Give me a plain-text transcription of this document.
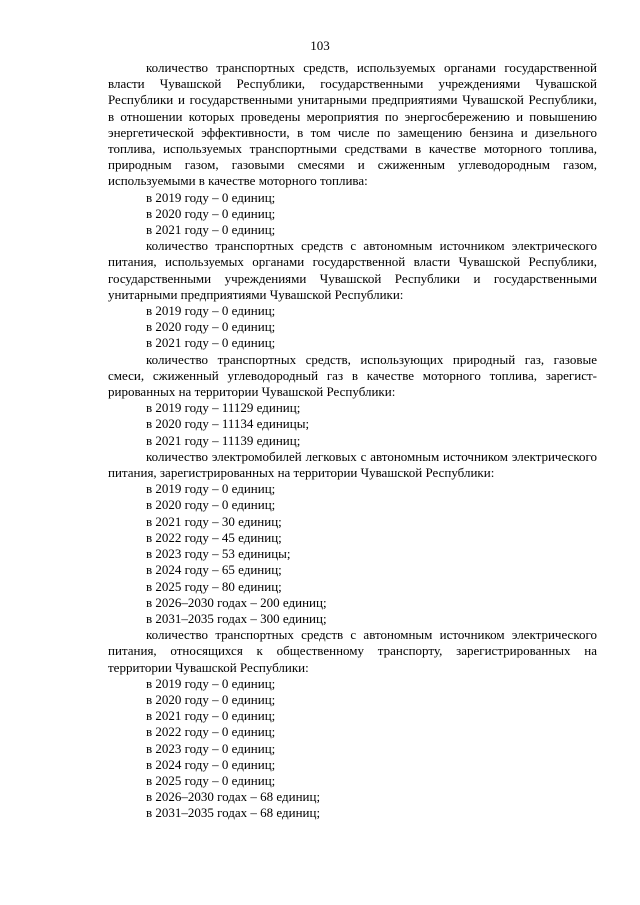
103

количество транспортных средств, используемых органами государственной власти Чувашской Республики, государственными учреждениями Чувашской Республики и государственными унитарными предприятиями Чувашской Республики, в отношении которых проведены мероприятия по энергосбережению и повышению энергетической эффективности, в том числе по замещению бензина и дизельного топлива, используемых транспортными средствами в качестве моторного топлива, природным газом, газовыми смесями и сжиженным углеводородным газом, используемыми в качестве моторного топлива:

в 2019 году – 0 единиц;

в 2020 году – 0 единиц;

в 2021 году – 0 единиц;

количество транспортных средств с автономным источником электрического питания, используемых органами государственной власти Чувашской Республики, государственными учреждениями Чувашской Республики и государственными унитарными предприятиями Чувашской Республики:

в 2019 году – 0 единиц;

в 2020 году – 0 единиц;

в 2021 году – 0 единиц;

количество транспортных средств, использующих природный газ, газовые смеси, сжиженный углеводородный газ в качестве моторного топлива, зарегистрированных на территории Чувашской Республики:

в 2019 году – 11129 единиц;

в 2020 году – 11134 единицы;

в 2021 году – 11139 единиц;

количество электромобилей легковых с автономным источником электрического питания, зарегистрированных на территории Чувашской Республики:

в 2019 году – 0 единиц;

в 2020 году – 0 единиц;

в 2021 году – 30 единиц;

в 2022 году – 45 единиц;

в 2023 году – 53 единицы;

в 2024 году – 65 единиц;

в 2025 году – 80 единиц;

в 2026–2030 годах – 200 единиц;

в 2031–2035 годах – 300 единиц;

количество транспортных средств с автономным источником электрического питания, относящихся к общественному транспорту, зарегистрированных на территории Чувашской Республики:

в 2019 году – 0 единиц;

в 2020 году – 0 единиц;

в 2021 году – 0 единиц;

в 2022 году – 0 единиц;

в 2023 году – 0 единиц;

в 2024 году – 0 единиц;

в 2025 году – 0 единиц;

в 2026–2030 годах – 68 единиц;

в 2031–2035 годах – 68 единиц;
